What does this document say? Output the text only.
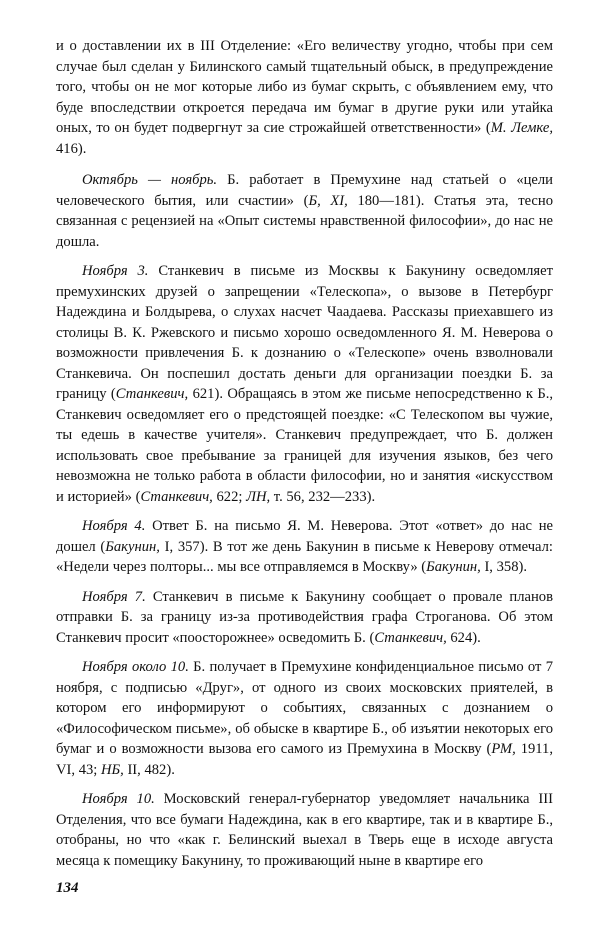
и о доставлении их в III Отделение: «Его величеству угодно, чтобы при сем случае был сделан у Билинского самый тщательный обыск, в предупреждение того, чтобы он не мог которые либо из бумаг скрыть, с объявлением ему, что буде впоследствии откроется передача им бумаг в другие руки или утайка оных, то он будет подвергнут за сие строжайшей ответственности» (М. Лемке, 416).

Октябрь — ноябрь. Б. работает в Премухине над статьей о «цели человеческого бытия, или счастии» (Б, XI, 180—181). Статья эта, тесно связанная с рецензией на «Опыт системы нравственной философии», до нас не дошла.

Ноября 3. Станкевич в письме из Москвы к Бакунину осведомляет премухинских друзей о запрещении «Телескопа», о вызове в Петербург Надеждина и Болдырева, о слухах насчет Чаадаева. Рассказы приехавшего из столицы В. К. Ржевского и письмо хорошо осведомленного Я. М. Неверова о возможности привлечения Б. к дознанию о «Телескопе» очень взволновали Станкевича. Он поспешил достать деньги для организации поездки Б. за границу (Станкевич, 621). Обращаясь в этом же письме непосредственно к Б., Станкевич осведомляет его о предстоящей поездке: «С Телескопом вы чужие, ты едешь в качестве учителя». Станкевич предупреждает, что Б. должен использовать свое пребывание за границей для изучения языков, без чего невозможна не только работа в области философии, но и занятия «искусством и историей» (Станкевич, 622; ЛН, т. 56, 232—233).

Ноября 4. Ответ Б. на письмо Я. М. Неверова. Этот «ответ» до нас не дошел (Бакунин, I, 357). В тот же день Бакунин в письме к Неверову отмечал: «Недели через полторы... мы все отправляемся в Москву» (Бакунин, I, 358).

Ноября 7. Станкевич в письме к Бакунину сообщает о провале планов отправки Б. за границу из-за противодействия графа Строганова. Об этом Станкевич просит «поосторожнее» осведомить Б. (Станкевич, 624).

Ноября около 10. Б. получает в Премухине конфиденциальное письмо от 7 ноября, с подписью «Друг», от одного из своих московских приятелей, в котором его информируют о событиях, связанных с дознанием о «Философическом письме», об обыске в квартире Б., об изъятии некоторых его бумаг и о возможности вызова его самого из Премухина в Москву (РМ, 1911, VI, 43; НБ, II, 482).

Ноября 10. Московский генерал-губернатор уведомляет начальника III Отделения, что все бумаги Надеждина, как в его квартире, так и в квартире Б., отобраны, но что «как г. Белинский выехал в Тверь еще в исходе августа месяца к помещику Бакунину, то проживающий ныне в квартире его

134
